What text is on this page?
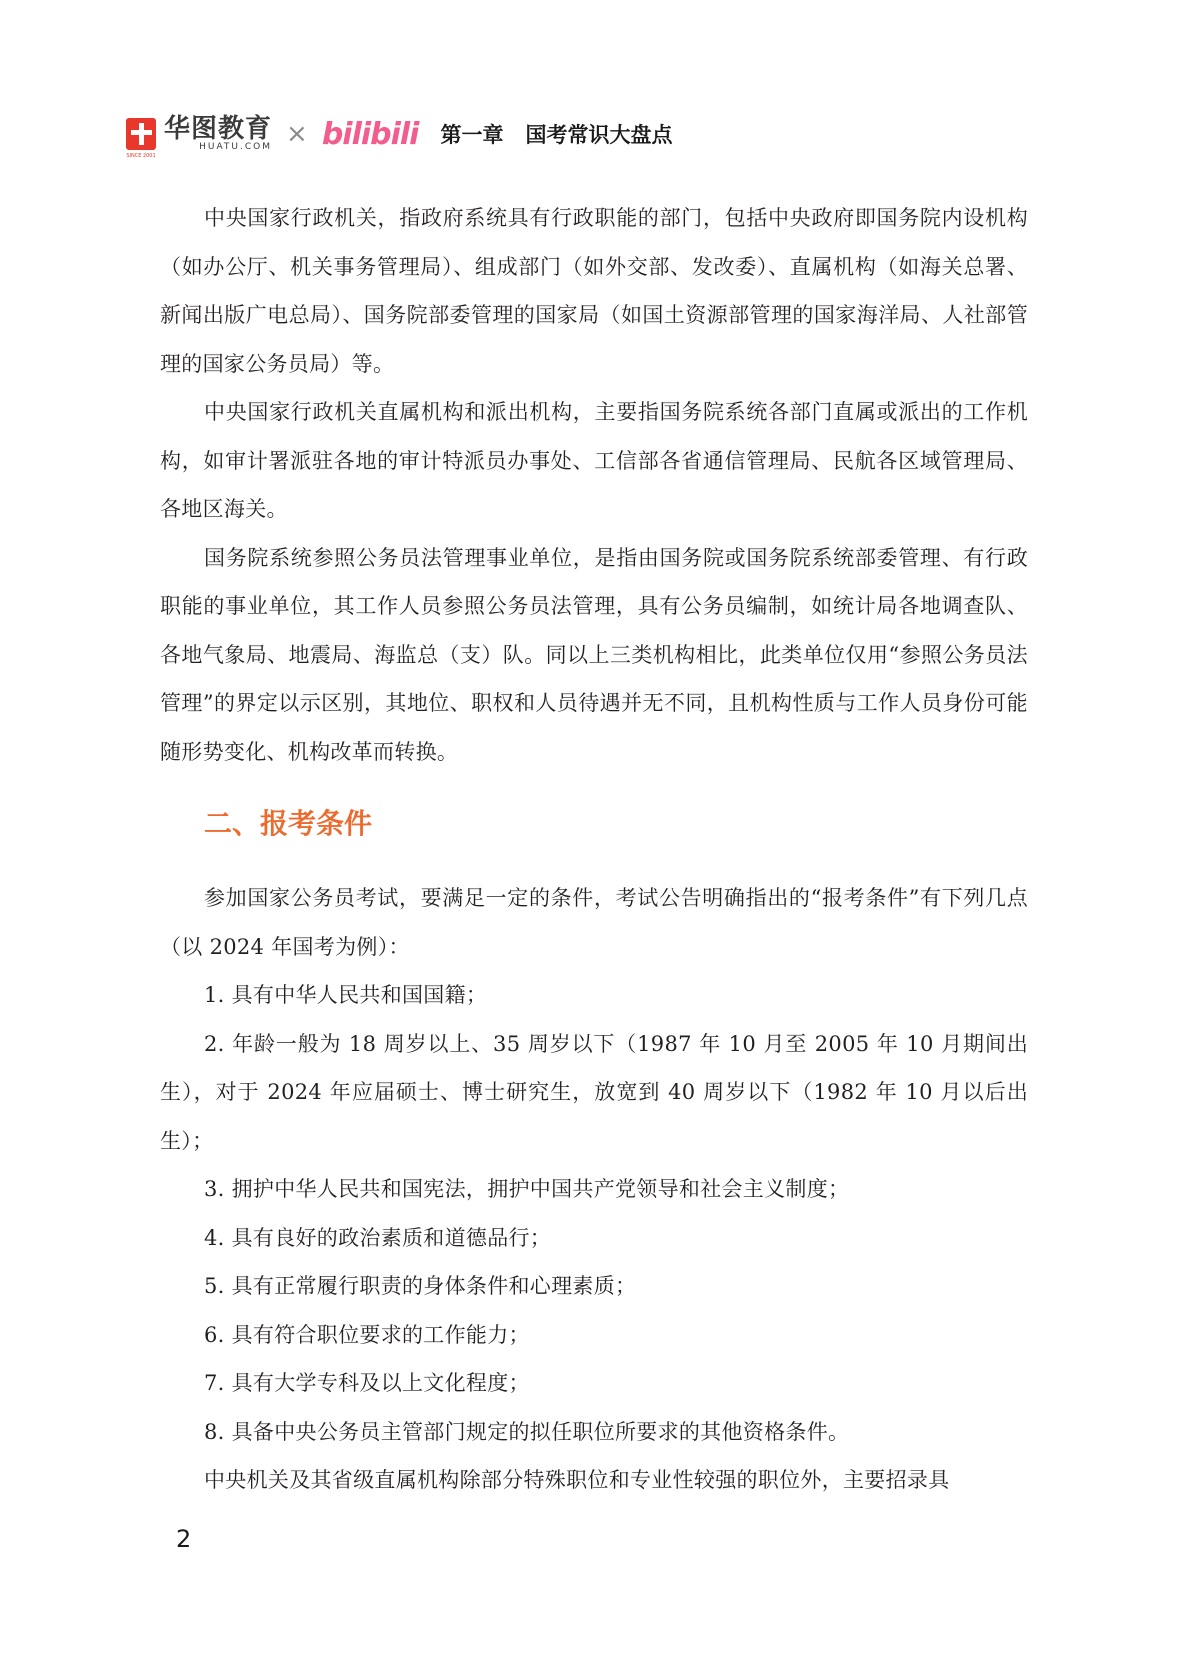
SINCE 2001
华图教育
HUATU.COM × bilibili 第一章 国考常识大盘点

中央国家行政机关，指政府系统具有行政职能的部门，包括中央政府即国务院内设机构（如办公厅、机关事务管理局）、组成部门（如外交部、发改委）、直属机构（如海关总署、新闻出版广电总局）、国务院部委管理的国家局（如国土资源部管理的国家海洋局、人社部管理的国家公务员局）等。

中央国家行政机关直属机构和派出机构，主要指国务院系统各部门直属或派出的工作机构，如审计署派驻各地的审计特派员办事处、工信部各省通信管理局、民航各区域管理局、各地区海关。

国务院系统参照公务员法管理事业单位，是指由国务院或国务院系统部委管理、有行政职能的事业单位，其工作人员参照公务员法管理，具有公务员编制，如统计局各地调查队、各地气象局、地震局、海监总（支）队。同以上三类机构相比，此类单位仅用“参照公务员法管理”的界定以示区别，其地位、职权和人员待遇并无不同，且机构性质与工作人员身份可能随形势变化、机构改革而转换。

二、报考条件

参加国家公务员考试，要满足一定的条件，考试公告明确指出的“报考条件”有下列几点（以 2024 年国考为例）：

1. 具有中华人民共和国国籍；

2. 年龄一般为 18 周岁以上、35 周岁以下（1987 年 10 月至 2005 年 10 月期间出生），对于 2024 年应届硕士、博士研究生，放宽到 40 周岁以下（1982 年 10 月以后出生）；

3. 拥护中华人民共和国宪法，拥护中国共产党领导和社会主义制度；

4. 具有良好的政治素质和道德品行；

5. 具有正常履行职责的身体条件和心理素质；

6. 具有符合职位要求的工作能力；

7. 具有大学专科及以上文化程度；

8. 具备中央公务员主管部门规定的拟任职位所要求的其他资格条件。

中央机关及其省级直属机构除部分特殊职位和专业性较强的职位外，主要招录具

2
